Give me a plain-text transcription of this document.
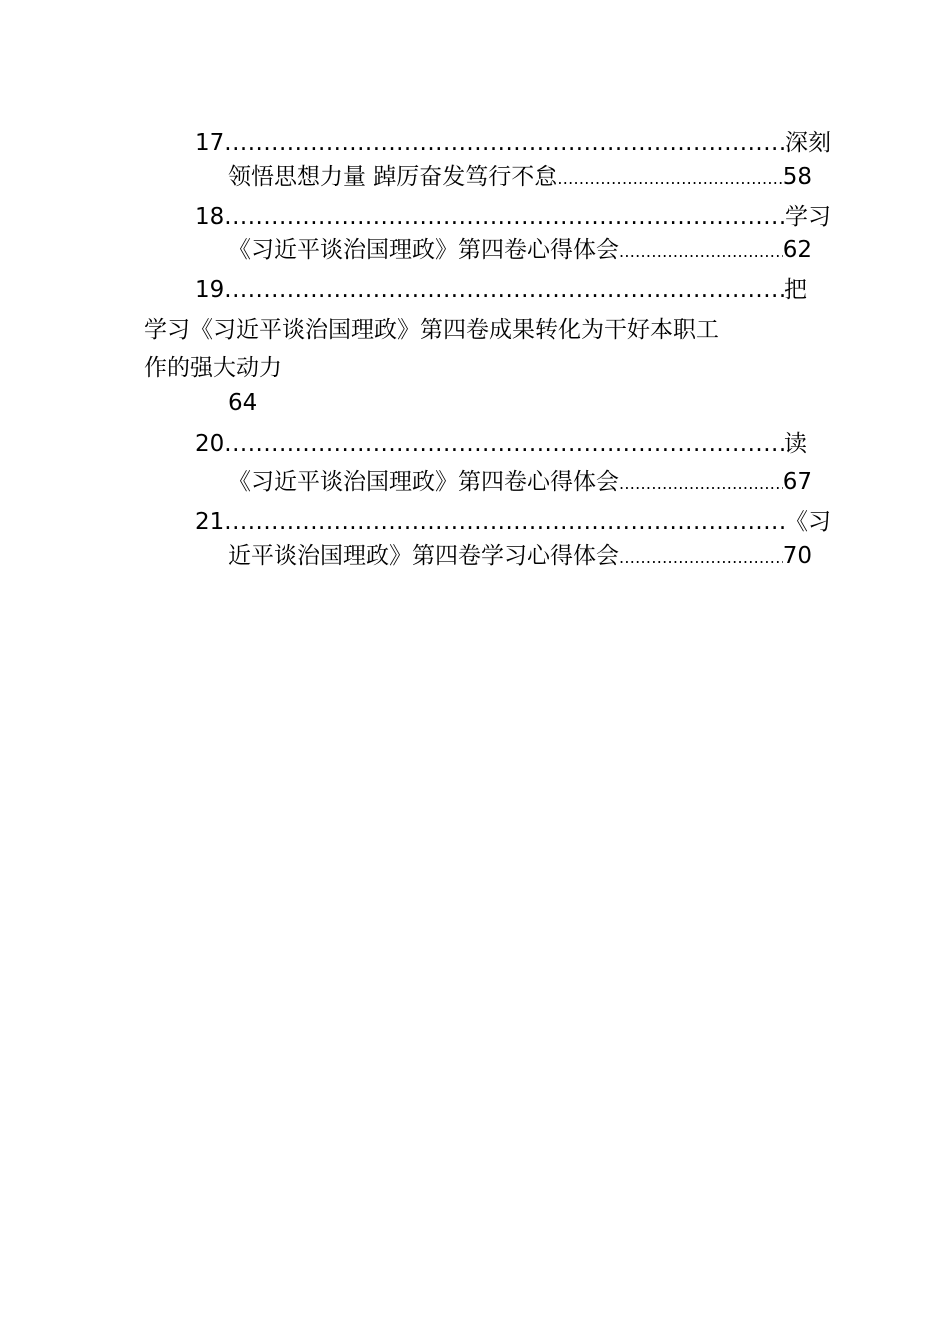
17 .....	深刻
领悟思想力量 踔厉奋发笃行不怠 .....	58
18 .....	学习
《习近平谈治国理政》第四卷心得体会 .....	62
19 .....	把
学习《习近平谈治国理政》第四卷成果转化为干好本职工
作的强大动力
64
20 .....	读
《习近平谈治国理政》第四卷心得体会 .....	67
21 .....	《习
近平谈治国理政》第四卷学习心得体会 .....	70
